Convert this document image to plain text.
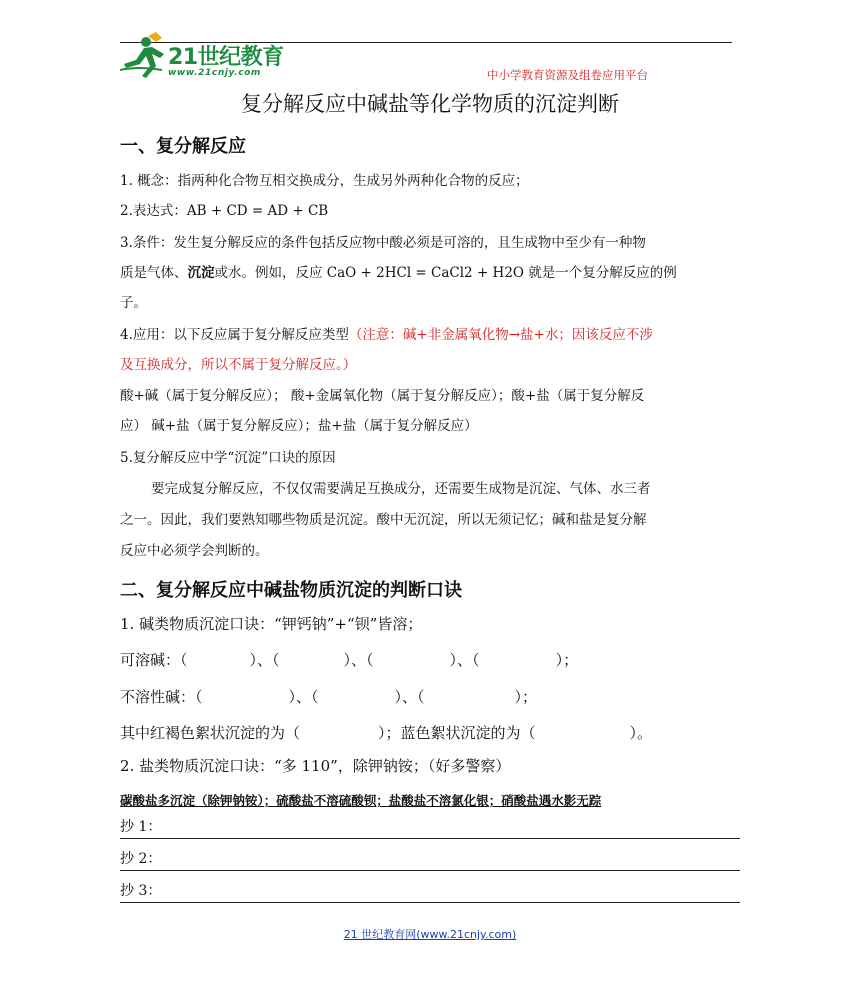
21世纪教育
www.21cnjy.com	中小学教育资源及组卷应用平台
复分解反应中碱盐等化学物质的沉淀判断
一、复分解反应
1. 概念：指两种化合物互相交换成分，生成另外两种化合物的反应；
2.表达式：AB + CD = AD + CB
3.条件：发生复分解反应的条件包括反应物中酸必须是可溶的，且生成物中至少有一种物
质是气体、沉淀或水。例如，反应 CaO + 2HCl = CaCl2 + H2O 就是一个复分解反应的例
子。
4.应用：以下反应属于复分解反应类型（注意：碱+非金属氧化物→盐+水；因该反应不涉
及互换成分，所以不属于复分解反应。）
酸+碱（属于复分解反应）； 酸+金属氧化物（属于复分解反应）；酸+盐（属于复分解反
应） 碱+盐（属于复分解反应）；盐+盐（属于复分解反应）
5.复分解反应中学“沉淀”口诀的原因
要完成复分解反应，不仅仅需要满足互换成分，还需要生成物是沉淀、气体、水三者
之一。因此，我们要熟知哪些物质是沉淀。酸中无沉淀，所以无须记忆；碱和盐是复分解
反应中必须学会判断的。
二、复分解反应中碱盐物质沉淀的判断口诀
1. 碱类物质沉淀口诀：“钾钙钠”+“钡”皆溶；
可溶碱：（	）、（	）、（	）、（	）；
不溶性碱：（	）、（	）、（	）；
其中红褐色絮状沉淀的为（	）；蓝色絮状沉淀的为（	）。
2. 盐类物质沉淀口诀：“多 110”，除钾钠铵；（好多警察）
碳酸盐多沉淀（除钾钠铵）；硫酸盐不溶硫酸钡；盐酸盐不溶氯化银；硝酸盐遇水影无踪
抄 1：
抄 2：
抄 3：
21 世纪教育网(www.21cnjy.com)
